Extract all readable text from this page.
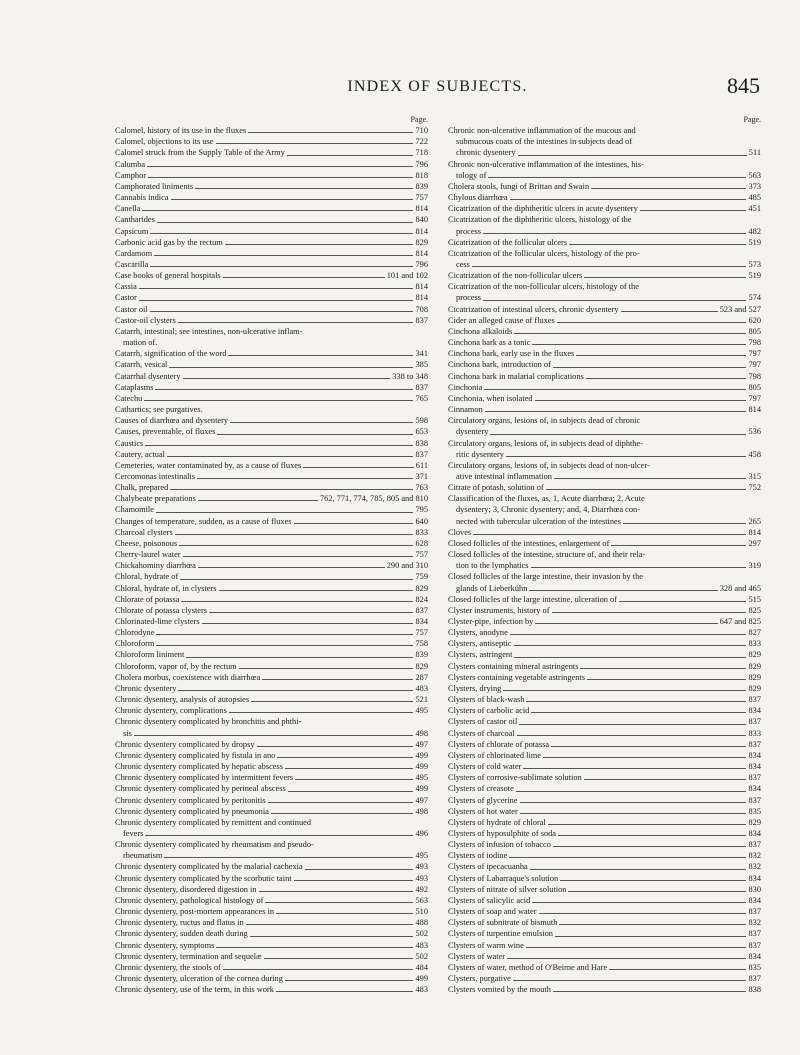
INDEX OF SUBJECTS.	845
Page.
Calomel, history of its use in the fluxes	710
Calomel, objections to its use	722
Calomel struck from the Supply Table of the Army	718
Calumba	796
Camphor	818
Camphorated liniments	839
Cannabis indica	757
Canella	814
Cantharides	840
Capsicum	814
Carbonic acid gas by the rectum	829
Cardamom	814
Cascarilla	796
Case books of general hospitals	101 and 102
Cassia	814
Castor	814
Castor oil	708
Castor-oil clysters	837
Catarrh, intestinal; see intestines, non-ulcerative inflam-
mation of.
Catarrh, signification of the word	341
Catarrh, vesical	385
Catarrhal dysentery	338 to 348
Cataplasms	837
Catechu	765
Cathartics; see purgatives.
Causes of diarrhœa and dysentery	598
Causes, preventable, of fluxes	653
Caustics	838
Cautery, actual	837
Cemeteries, water contaminated by, as a cause of fluxes	611
Cercomonas intestinalis	371
Chalk, prepared	763
Chalybeate preparations	762, 771, 774, 785, 805 and 810
Chamomile	795
Changes of temperature, sudden, as a cause of fluxes	640
Charcoal clysters	833
Cheese, poisonous	628
Cherry-laurel water	757
Chickahominy diarrhœa	290 and 310
Chloral, hydrate of	759
Chloral, hydrate of, in clysters	829
Chlorate of potassa	824
Chlorate of potassa clysters	837
Chlorinated-lime clysters	834
Chlorodyne	757
Chloroform	758
Chloroform liniment	839
Chloroform, vapor of, by the rectum	829
Cholera morbus, coexistence with diarrhœa	287
Chronic dysentery	483
Chronic dysentery, analysis of autopsies	521
Chronic dysentery, complications	495
Chronic dysentery complicated by bronchitis and phthi-
sis	498
Chronic dysentery complicated by dropsy	497
Chronic dysentery complicated by fistula in ano	499
Chronic dysentery complicated by hepatic abscess	499
Chronic dysentery complicated by intermittent fevers	495
Chronic dysentery complicated by perineal abscess	499
Chronic dysentery complicated by peritonitis	497
Chronic dysentery complicated by pneumonia	498
Chronic dysentery complicated by remittent and continued
fevers	496
Chronic dysentery complicated by rheumatism and pseudo-
rheumatism	495
Chronic dysentery complicated by the malarial cachexia	493
Chronic dysentery complicated by the scorbutic taint	493
Chronic dysentery, disordered digestion in	492
Chronic dysentery, pathological histology of	563
Chronic dysentery, post-mortem appearances in	510
Chronic dysentery, ructus and flatus in	488
Chronic dysentery, sudden death during	502
Chronic dysentery, symptoms	483
Chronic dysentery, termination and sequelæ	502
Chronic dysentery, the stools of	484
Chronic dysentery, ulceration of the cornea during	499
Chronic dysentery, use of the term, in this work	483
Page.
Chronic non-ulcerative inflammation of the mucous and
submucous coats of the intestines in subjects dead of
chronic dysentery	511
Chronic non-ulcerative inflammation of the intestines, his-
tology of	563
Cholera stools, fungi of Brittan and Swain	373
Chylous diarrhœa	485
Cicatrization of the diphtheritic ulcers in acute dysentery	451
Cicatrization of the diphtheritic ulcers, histology of the
process	482
Cicatrization of the follicular ulcers	519
Cicatrization of the follicular ulcers, histology of the pro-
cess	573
Cicatrization of the non-follicular ulcers	519
Cicatrization of the non-follicular ulcers, histology of the
process	574
Cicatrization of intestinal ulcers, chronic dysentery	523 and 527
Cider an alleged cause of fluxes	620
Cinchona alkaloids	805
Cinchona bark as a tonic	798
Cinchona bark, early use in the fluxes	797
Cinchona bark, introduction of	797
Cinchona bark in malarial complications	798
Cinchonia	805
Cinchonia, when isolated	797
Cinnamon	814
Circulatory organs, lesions of, in subjects dead of chronic
dysentery	536
Circulatory organs, lesions of, in subjects dead of diphthe-
ritic dysentery	458
Circulatory organs, lesions of, in subjects dead of non-ulcer-
ative intestinal inflammation	315
Citrate of potash, solution of	752
Classification of the fluxes, as, 1, Acute diarrhœa; 2, Acute
dysentery; 3, Chronic dysentery; and, 4, Diarrhœa con-
nected with tubercular ulceration of the intestines	265
Cloves	814
Closed follicles of the intestines, enlargement of	297
Closed follicles of the intestine, structure of, and their rela-
tion to the lymphatics	319
Closed follicles of the large intestine, their invasion by the
glands of Lieberkühn	328 and 465
Closed follicles of the large intestine, ulceration of	515
Clyster instruments, history of	825
Clyster-pipe, infection by	647 and 825
Clysters, anodyne	827
Clysters, antiseptic	833
Clysters, astringent	829
Clysters containing mineral astringents	829
Clysters containing vegetable astringents	829
Clysters, drying	829
Clysters of black-wash	837
Clysters of carbolic acid	834
Clysters of castor oil	837
Clysters of charcoal	833
Clysters of chlorate of potassa	837
Clysters of chlorinated lime	834
Clysters of cold water	834
Clysters of corrosive-sublimate solution	837
Clysters of creasote	834
Clysters of glycerine	837
Clysters of hot water	835
Clysters of hydrate of chloral	829
Clysters of hyposulphite of soda	834
Clysters of infusion of tobacco	837
Clysters of iodine	832
Clysters of ipecacuanha	832
Clysters of Labarraque's solution	834
Clysters of nitrate of silver solution	830
Clysters of salicylic acid	834
Clysters of soap and water	837
Clysters of subnitrate of bismuth	832
Clysters of turpentine emulsion	837
Clysters of warm wine	837
Clysters of water	834
Clysters of water, method of O'Beirne and Hare	835
Clysters, purgative	837
Clysters vomited by the mouth	838
